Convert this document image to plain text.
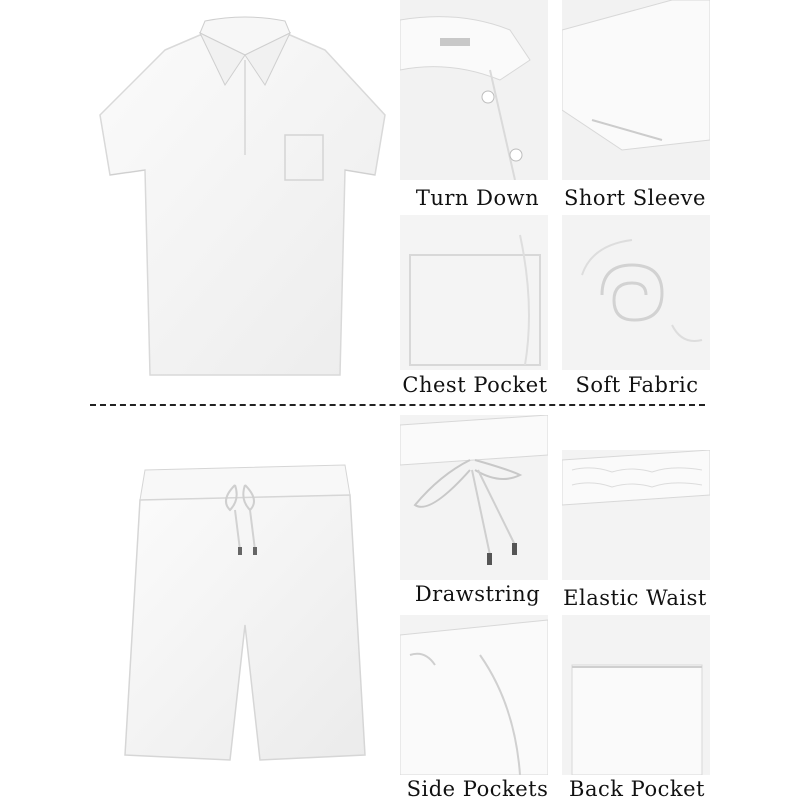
Turn Down	Short Sleeve
Chest Pocket	Soft Fabric
Drawstring	Elastic Waist
Side Pockets Back Pocket
